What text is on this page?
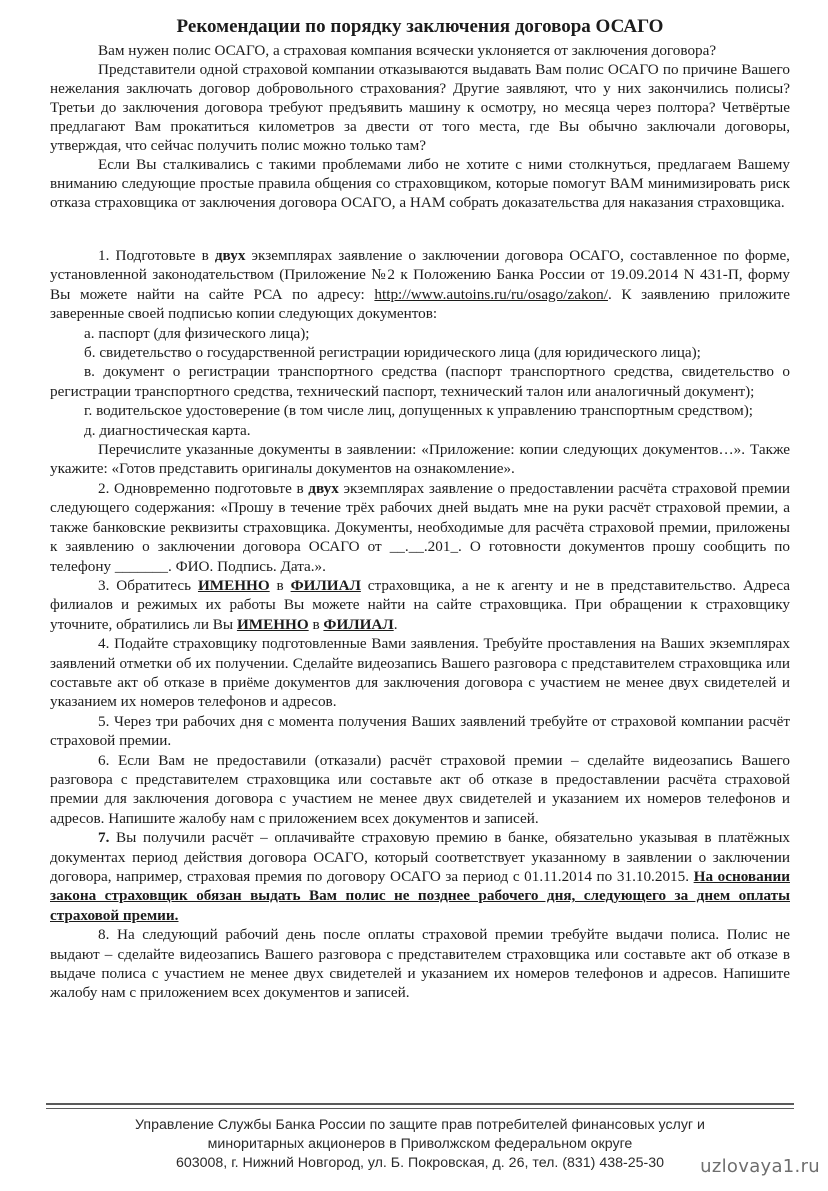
Рекомендации по порядку заключения договора ОСАГО

Вам нужен полис ОСАГО, а страховая компания всячески уклоняется от заключения договора?

Представители одной страховой компании отказываются выдавать Вам полис ОСАГО по причине Вашего нежелания заключать договор добровольного страхования? Другие заявляют, что у них закончились полисы? Третьи до заключения договора требуют предъявить машину к осмотру, но месяца через полтора? Четвёртые предлагают Вам прокатиться километров за двести от того места, где Вы обычно заключали договоры, утверждая, что сейчас получить полис можно только там?

Если Вы сталкивались с такими проблемами либо не хотите с ними столкнуться, предлагаем Вашему вниманию следующие простые правила общения со страховщиком, которые помогут ВАМ минимизировать риск отказа страховщика от заключения договора ОСАГО, а НАМ собрать доказательства для наказания страховщика.

1. Подготовьте в двух экземплярах заявление о заключении договора ОСАГО, составленное по форме, установленной законодательством (Приложение №2 к Положению Банка России от 19.09.2014 N 431-П, форму Вы можете найти на сайте РСА по адресу: http://www.autoins.ru/ru/osago/zakon/. К заявлению приложите заверенные своей подписью копии следующих документов:

а. паспорт (для физического лица);

б. свидетельство о государственной регистрации юридического лица (для юридического лица);

в. документ о регистрации транспортного средства (паспорт транспортного средства, свидетельство о регистрации транспортного средства, технический паспорт, технический талон или аналогичный документ);

г. водительское удостоверение (в том числе лиц, допущенных к управлению транспортным средством);

д. диагностическая карта.

Перечислите указанные документы в заявлении: «Приложение: копии следующих документов…». Также укажите: «Готов представить оригиналы документов на ознакомление».

2. Одновременно подготовьте в двух экземплярах заявление о предоставлении расчёта страховой премии следующего содержания: «Прошу в течение трёх рабочих дней выдать мне на руки расчёт страховой премии, а также банковские реквизиты страховщика. Документы, необходимые для расчёта страховой премии, приложены к заявлению о заключении договора ОСАГО от __.__.201_. О готовности документов прошу сообщить по телефону _______. ФИО. Подпись. Дата.».

3. Обратитесь ИМЕННО в ФИЛИАЛ страховщика, а не к агенту и не в представительство. Адреса филиалов и режимых их работы Вы можете найти на сайте страховщика. При обращении к страховщику уточните, обратились ли Вы ИМЕННО в ФИЛИАЛ.

4. Подайте страховщику подготовленные Вами заявления. Требуйте проставления на Ваших экземплярах заявлений отметки об их получении. Сделайте видеозапись Вашего разговора с представителем страховщика или составьте акт об отказе в приёме документов для заключения договора с участием не менее двух свидетелей и указанием их номеров телефонов и адресов.

5. Через три рабочих дня с момента получения Ваших заявлений требуйте от страховой компании расчёт страховой премии.

6. Если Вам не предоставили (отказали) расчёт страховой премии – сделайте видеозапись Вашего разговора с представителем страховщика или составьте акт об отказе в предоставлении расчёта страховой премии для заключения договора с участием не менее двух свидетелей и указанием их номеров телефонов и адресов. Напишите жалобу нам с приложением всех документов и записей.

7. Вы получили расчёт – оплачивайте страховую премию в банке, обязательно указывая в платёжных документах период действия договора ОСАГО, который соответствует указанному в заявлении о заключении договора, например, страховая премия по договору ОСАГО за период с 01.11.2014 по 31.10.2015. На основании закона страховщик обязан выдать Вам полис не позднее рабочего дня, следующего за днем оплаты страховой премии.

8. На следующий рабочий день после оплаты страховой премии требуйте выдачи полиса. Полис не выдают – сделайте видеозапись Вашего разговора с представителем страховщика или составьте акт об отказе в выдаче полиса с участием не менее двух свидетелей и указанием их номеров телефонов и адресов. Напишите жалобу нам с приложением всех документов и записей.

Управление Службы Банка России по защите прав потребителей финансовых услуг и
миноритарных акционеров в Приволжском федеральном округе
603008, г. Нижний Новгород, ул. Б. Покровская, д. 26, тел. (831) 438-25-30	uzlovaya1.ru
